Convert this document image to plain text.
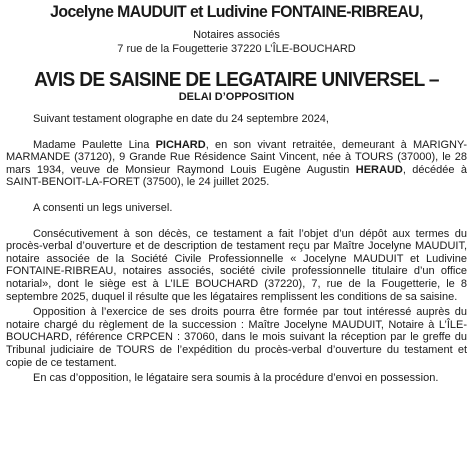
Jocelyne MAUDUIT et Ludivine FONTAINE-RIBREAU,

Notaires associés

7 rue de la Fougetterie 37220 L’ÎLE-BOUCHARD

AVIS DE SAISINE DE LEGATAIRE UNIVERSEL –

DELAI D’OPPOSITION

Suivant testament olographe en date du 24 septembre 2024,

Madame Paulette Lina PICHARD, en son vivant retraitée, demeurant à MARIGNY-MARMANDE (37120), 9 Grande Rue Résidence Saint Vincent, née à TOURS (37000), le 28 mars 1934, veuve de Monsieur Raymond Louis Eugène Augustin HERAUD, décédée à SAINT-BENOIT-LA-FORET (37500), le 24 juillet 2025.

A consenti un legs universel.

Consécutivement à son décès, ce testament a fait l’objet d’un dépôt aux termes du procès-verbal d’ouverture et de description de testament reçu par Maître Jocelyne MAUDUIT, notaire associée de la Société Civile Professionnelle « Jocelyne MAUDUIT et Ludivine FONTAINE-RIBREAU, notaires associés, société civile professionnelle titulaire d’un office notarial», dont le siège est à L’ILE BOUCHARD (37220), 7, rue de la Fougetterie, le 8 septembre 2025, duquel il résulte que les légataires remplissent les conditions de sa saisine.

Opposition à l’exercice de ses droits pourra être formée par tout intéressé auprès du notaire chargé du règlement de la succession : Maître Jocelyne MAUDUIT, Notaire à L’ÎLE-BOUCHARD, référence CRPCEN : 37060, dans le mois suivant la réception par le greffe du Tribunal judiciaire de TOURS de l’expédition du procès-verbal d’ouverture du testament et copie de ce testament.

En cas d’opposition, le légataire sera soumis à la procédure d’envoi en possession.
